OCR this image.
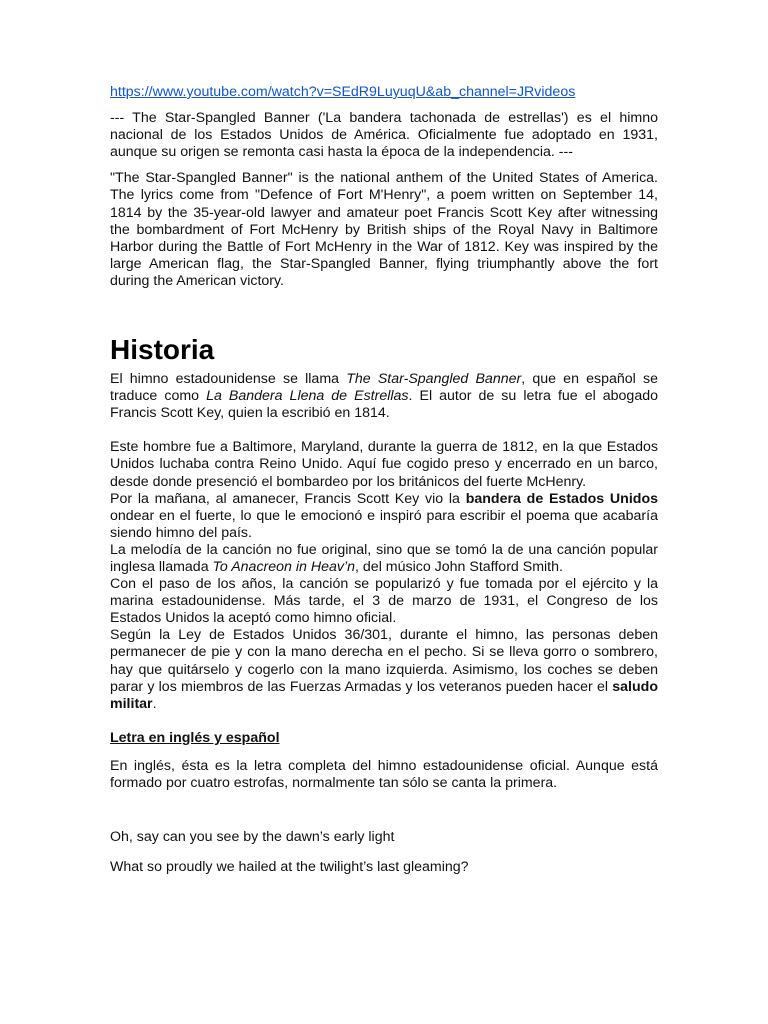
https://www.youtube.com/watch?v=SEdR9LuyuqU&ab_channel=JRvideos

--- The Star-Spangled Banner ('La bandera tachonada de estrellas') es el himno nacional de los Estados Unidos de América. Oficialmente fue adoptado en 1931, aunque su origen se remonta casi hasta la época de la independencia. ---

"The Star-Spangled Banner" is the national anthem of the United States of America. The lyrics come from "Defence of Fort M'Henry", a poem written on September 14, 1814 by the 35-year-old lawyer and amateur poet Francis Scott Key after witnessing the bombardment of Fort McHenry by British ships of the Royal Navy in Baltimore Harbor during the Battle of Fort McHenry in the War of 1812. Key was inspired by the large American flag, the Star-Spangled Banner, flying triumphantly above the fort during the American victory.

Historia

El himno estadounidense se llama The Star-Spangled Banner, que en español se traduce como La Bandera Llena de Estrellas. El autor de su letra fue el abogado Francis Scott Key, quien la escribió en 1814.

Este hombre fue a Baltimore, Maryland, durante la guerra de 1812, en la que Estados Unidos luchaba contra Reino Unido. Aquí fue cogido preso y encerrado en un barco, desde donde presenció el bombardeo por los británicos del fuerte McHenry.

Por la mañana, al amanecer, Francis Scott Key vio la bandera de Estados Unidos ondear en el fuerte, lo que le emocionó e inspiró para escribir el poema que acabaría siendo himno del país.

La melodía de la canción no fue original, sino que se tomó la de una canción popular inglesa llamada To Anacreon in Heav’n, del músico John Stafford Smith.

Con el paso de los años, la canción se popularizó y fue tomada por el ejército y la marina estadounidense. Más tarde, el 3 de marzo de 1931, el Congreso de los Estados Unidos la aceptó como himno oficial.

Según la Ley de Estados Unidos 36/301, durante el himno, las personas deben permanecer de pie y con la mano derecha en el pecho. Si se lleva gorro o sombrero, hay que quitárselo y cogerlo con la mano izquierda. Asimismo, los coches se deben parar y los miembros de las Fuerzas Armadas y los veteranos pueden hacer el saludo militar.

Letra en inglés y español

En inglés, ésta es la letra completa del himno estadounidense oficial. Aunque está formado por cuatro estrofas, normalmente tan sólo se canta la primera.

Oh, say can you see by the dawn’s early light

What so proudly we hailed at the twilight’s last gleaming?
